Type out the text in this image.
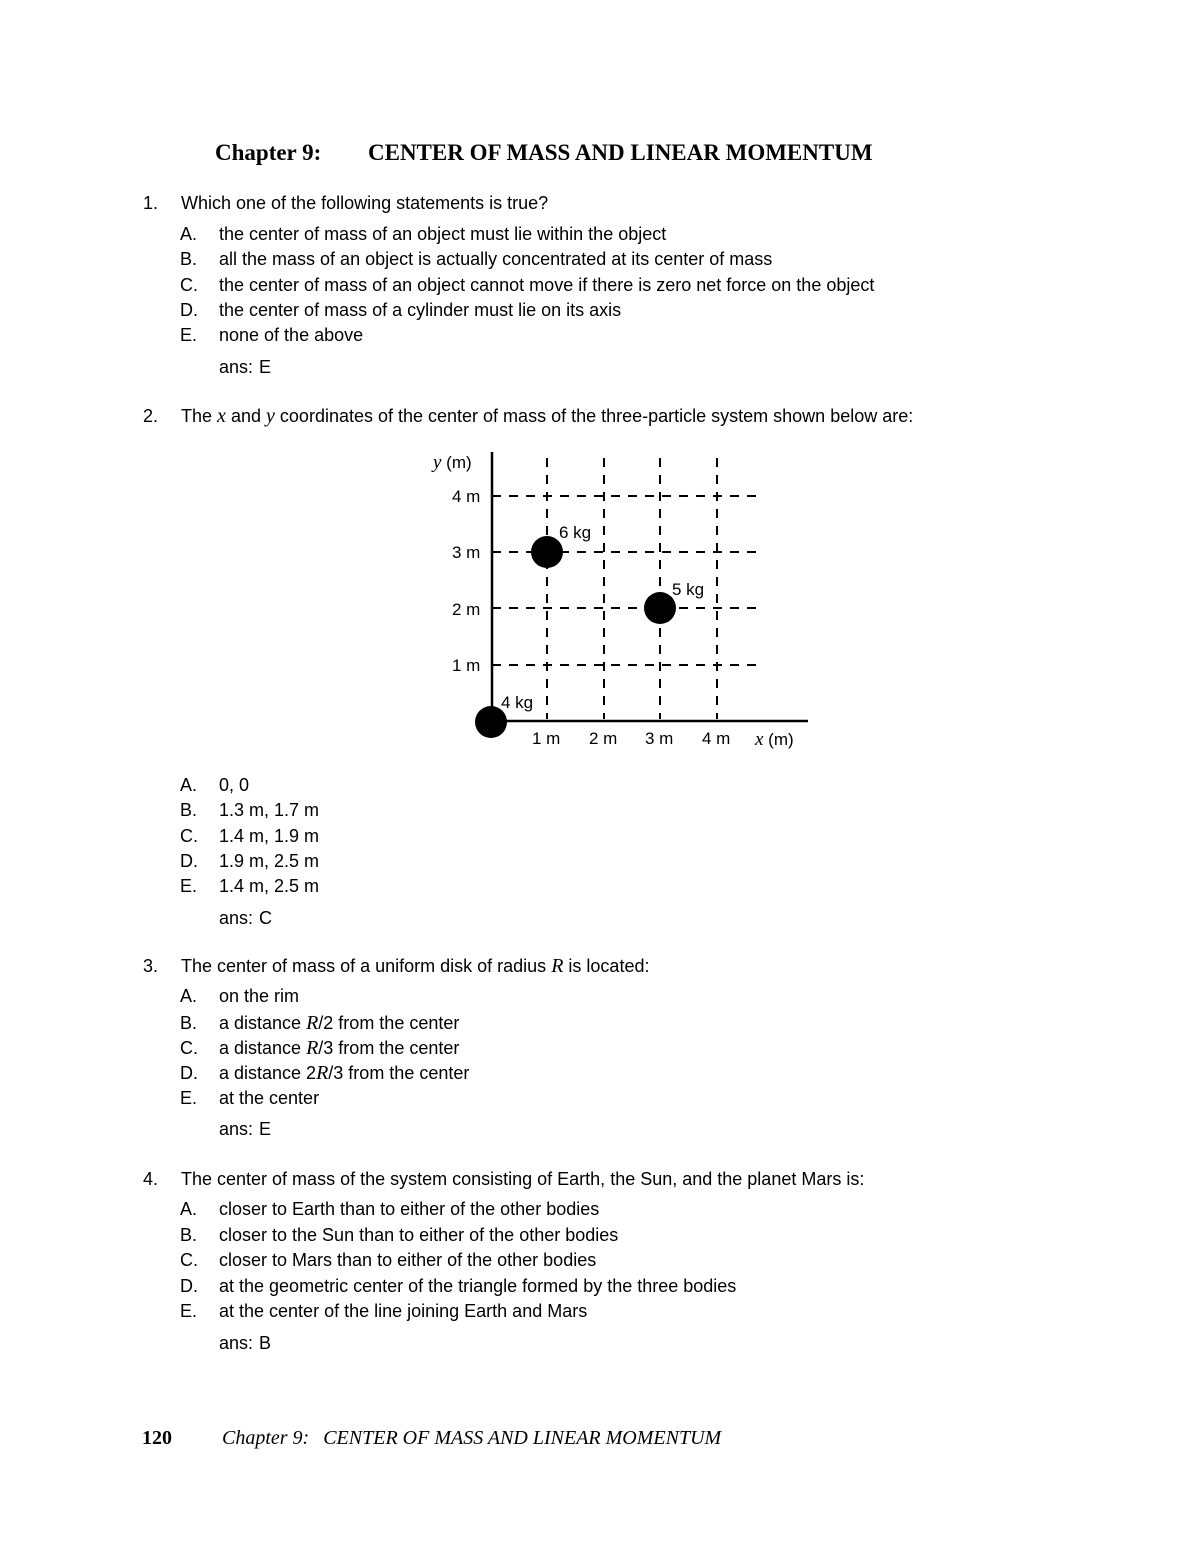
Chapter 9: CENTER OF MASS AND LINEAR MOMENTUM
1. Which one of the following statements is true?
A. the center of mass of an object must lie within the object
B. all the mass of an object is actually concentrated at its center of mass
C. the center of mass of an object cannot move if there is zero net force on the object
D. the center of mass of a cylinder must lie on its axis
E. none of the above
ans: E
2. The x and y coordinates of the center of mass of the three-particle system shown below are:
y (m)
4 m
3 m
2 m
1 m
1 m 2 m 3 m 4 m x (m)
4 kg
6 kg
5 kg
A. 0, 0
B. 1.3 m, 1.7 m
C. 1.4 m, 1.9 m
D. 1.9 m, 2.5 m
E. 1.4 m, 2.5 m
ans: C
3. The center of mass of a uniform disk of radius R is located:
A. on the rim
B. a distance R/2 from the center
C. a distance R/3 from the center
D. a distance 2R/3 from the center
E. at the center
ans: E
4. The center of mass of the system consisting of Earth, the Sun, and the planet Mars is:
A. closer to Earth than to either of the other bodies
B. closer to the Sun than to either of the other bodies
C. closer to Mars than to either of the other bodies
D. at the geometric center of the triangle formed by the three bodies
E. at the center of the line joining Earth and Mars
ans: B
120	Chapter 9: CENTER OF MASS AND LINEAR MOMENTUM
